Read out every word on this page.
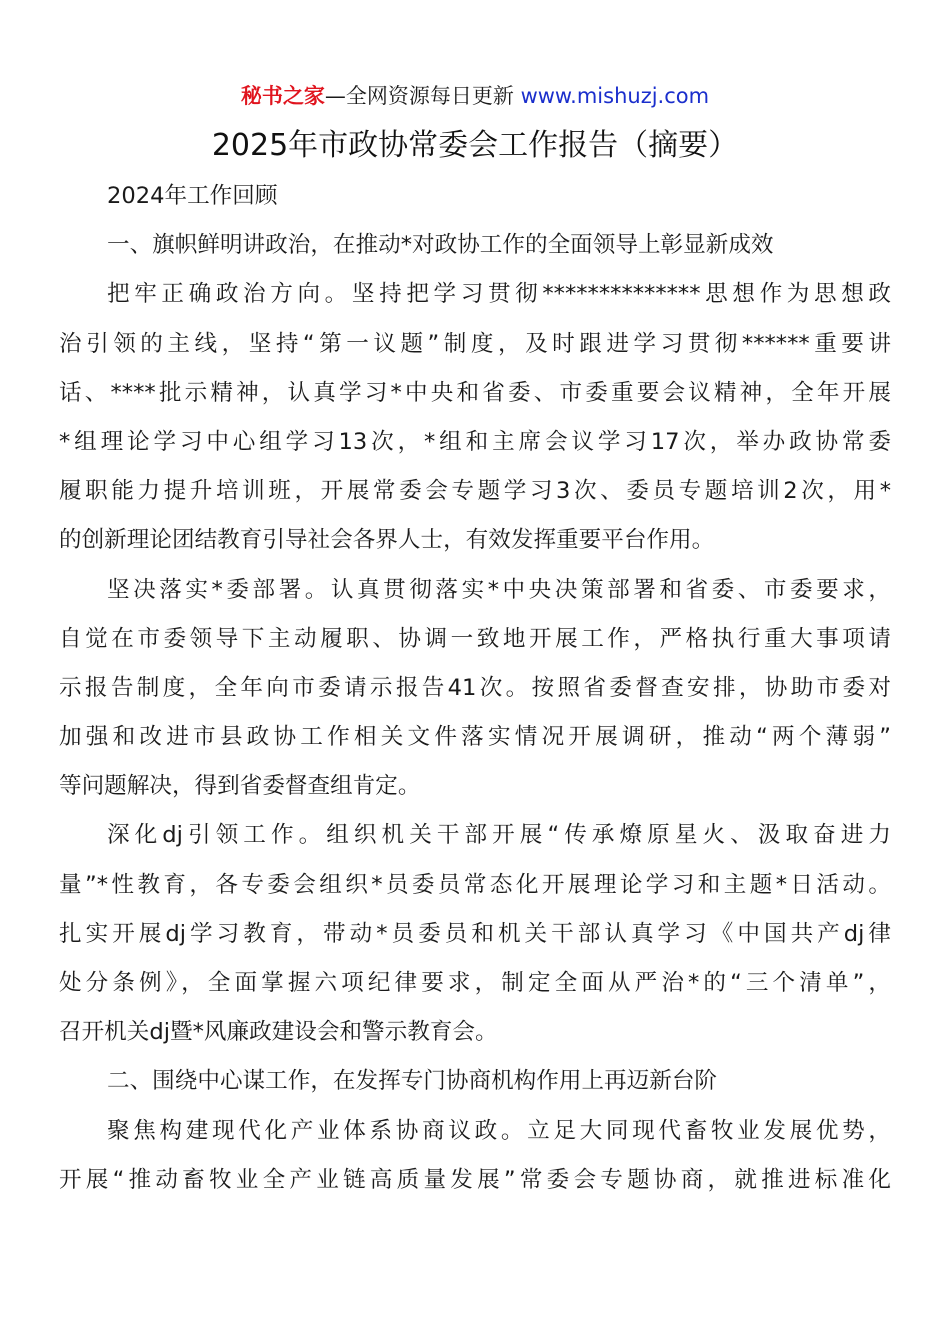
秘书之家—全网资源每日更新 www.mishuzj.com
2025年市政协常委会工作报告（摘要）
2024年工作回顾
一、旗帜鲜明讲政治，在推动*对政协工作的全面领导上彰显新成效
把牢正确政治方向。坚持把学习贯彻**************思想作为思想政
治引领的主线，坚持“第一议题”制度，及时跟进学习贯彻******重要讲
话、****批示精神，认真学习*中央和省委、市委重要会议精神，全年开展
*组理论学习中心组学习13次，*组和主席会议学习17次，举办政协常委
履职能力提升培训班，开展常委会专题学习3次、委员专题培训2次，用*
的创新理论团结教育引导社会各界人士，有效发挥重要平台作用。
坚决落实*委部署。认真贯彻落实*中央决策部署和省委、市委要求，
自觉在市委领导下主动履职、协调一致地开展工作，严格执行重大事项请
示报告制度，全年向市委请示报告41次。按照省委督查安排，协助市委对
加强和改进市县政协工作相关文件落实情况开展调研，推动“两个薄弱”
等问题解决，得到省委督查组肯定。
深化dj引领工作。组织机关干部开展“传承燎原星火、汲取奋进力
量”*性教育，各专委会组织*员委员常态化开展理论学习和主题*日活动。
扎实开展dj学习教育，带动*员委员和机关干部认真学习《中国共产dj律
处分条例》，全面掌握六项纪律要求，制定全面从严治*的“三个清单”，
召开机关dj暨*风廉政建设会和警示教育会。
二、围绕中心谋工作，在发挥专门协商机构作用上再迈新台阶
聚焦构建现代化产业体系协商议政。立足大同现代畜牧业发展优势，
开展“推动畜牧业全产业链高质量发展”常委会专题协商，就推进标准化
